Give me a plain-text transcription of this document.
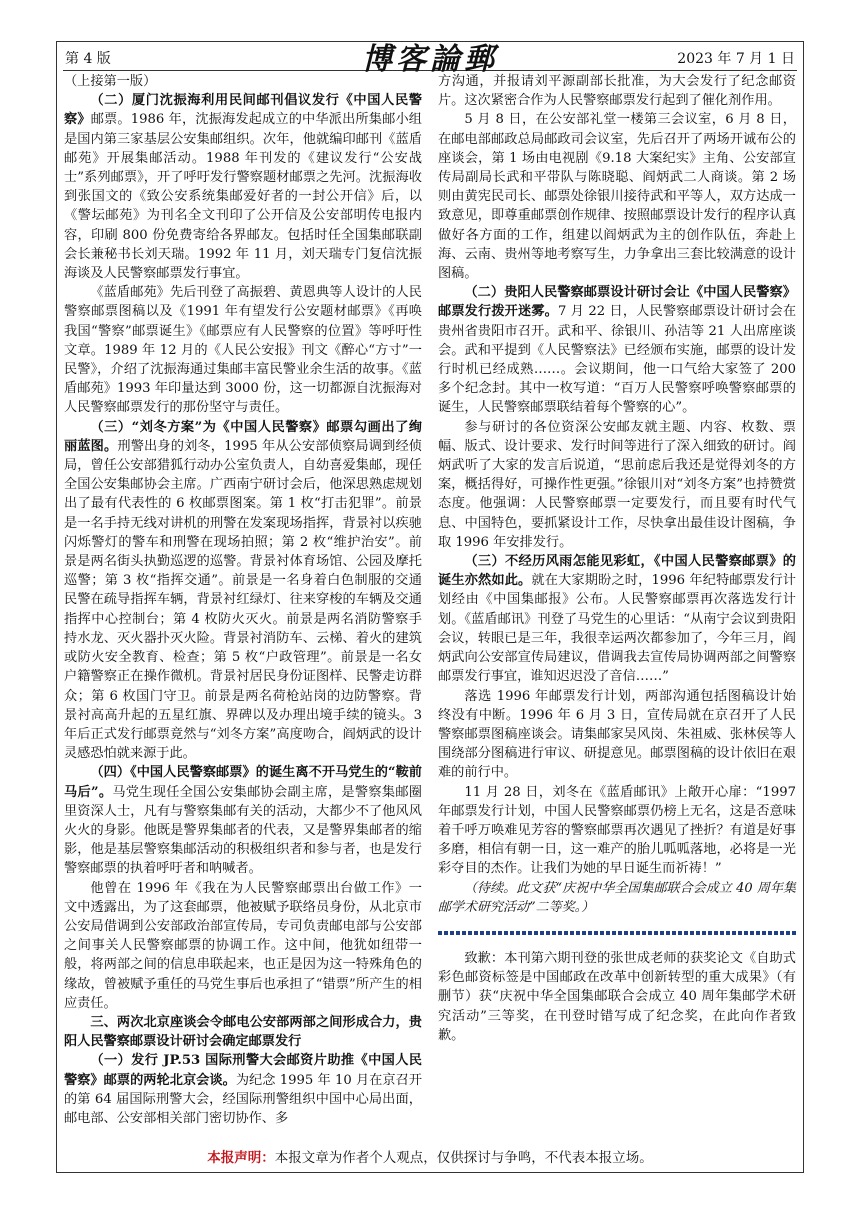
第 4 版	博客論郵	2023 年 7 月 1 日

（上接第一版）

（二）厦门沈振海利用民间邮刊倡议发行《中国人民警察》邮票。1986 年，沈振海发起成立的中华派出所集邮小组是国内第三家基层公安集邮组织。次年，他就编印邮刊《蓝盾邮苑》开展集邮活动。1988 年刊发的《建议发行“公安战士”系列邮票》，开了呼吁发行警察题材邮票之先河。沈振海收到张国文的《致公安系统集邮爱好者的一封公开信》后，以《警坛邮苑》为刊名全文刊印了公开信及公安部明传电报内容，印刷 800 份免费寄给各界邮友。包括时任全国集邮联副会长兼秘书长刘天瑞。1992 年 11 月，刘天瑞专门复信沈振海谈及人民警察邮票发行事宜。

《蓝盾邮苑》先后刊登了高振碧、黄恩典等人设计的人民警察邮票图稿以及《1991 年有望发行公安题材邮票》《再唤我国“警察”邮票诞生》《邮票应有人民警察的位置》等呼吁性文章。1989 年 12 月的《人民公安报》刊文《醉心“方寸”一民警》，介绍了沈振海通过集邮丰富民警业余生活的故事。《蓝盾邮苑》1993 年印量达到 3000 份，这一切都源自沈振海对人民警察邮票发行的那份坚守与责任。

（三）“刘冬方案”为《中国人民警察》邮票勾画出了绚丽蓝图。刑警出身的刘冬，1995 年从公安部侦察局调到经侦局，曾任公安部猎狐行动办公室负责人，自幼喜爱集邮，现任全国公安集邮协会主席。广西南宁研讨会后，他深思熟虑规划出了最有代表性的 6 枚邮票图案。第 1 枚“打击犯罪”。前景是一名手持无线对讲机的刑警在发案现场指挥，背景衬以疾驰闪烁警灯的警车和刑警在现场拍照；第 2 枚“维护治安”。前景是两名街头执勤巡逻的巡警。背景衬体育场馆、公园及摩托巡警；第 3 枚“指挥交通”。前景是一名身着白色制服的交通民警在疏导指挥车辆，背景衬红绿灯、往来穿梭的车辆及交通指挥中心控制台；第 4 枚防火灭火。前景是两名消防警察手持水龙、灭火器扑灭火险。背景衬消防车、云梯、着火的建筑或防火安全教育、检查；第 5 枚“户政管理”。前景是一名女户籍警察正在操作微机。背景衬居民身份证图样、民警走访群众；第 6 枚国门守卫。前景是两名荷枪站岗的边防警察。背景衬高高升起的五星红旗、界碑以及办理出境手续的镜头。3 年后正式发行邮票竟然与“刘冬方案”高度吻合，阎炳武的设计灵感恐怕就来源于此。

（四）《中国人民警察邮票》的诞生离不开马党生的“鞍前马后”。马党生现任全国公安集邮协会副主席，是警察集邮圈里资深人士，凡有与警察集邮有关的活动，大都少不了他风风火火的身影。他既是警界集邮者的代表，又是警界集邮者的缩影，他是基层警察集邮活动的积极组织者和参与者，也是发行警察邮票的执着呼吁者和呐喊者。

他曾在 1996 年《我在为人民警察邮票出台做工作》一文中透露出，为了这套邮票，他被赋予联络员身份，从北京市公安局借调到公安部政治部宣传局，专司负责邮电部与公安部之间事关人民警察邮票的协调工作。这中间，他犹如纽带一般，将两部之间的信息串联起来，也正是因为这一特殊角色的缘故，曾被赋予重任的马党生事后也承担了“错票”所产生的相应责任。

三、两次北京座谈会令邮电公安部两部之间形成合力，贵阳人民警察邮票设计研讨会确定邮票发行

（一）发行 JP.53 国际刑警大会邮资片助推《中国人民警察》邮票的两轮北京会谈。为纪念 1995 年 10 月在京召开的第 64 届国际刑警大会，经国际刑警组织中国中心局出面，邮电部、公安部相关部门密切协作、多

方沟通，并报请刘平源副部长批准，为大会发行了纪念邮资片。这次紧密合作为人民警察邮票发行起到了催化剂作用。

5 月 8 日，在公安部礼堂一楼第三会议室，6 月 8 日，在邮电部邮政总局邮政司会议室，先后召开了两场开诚布公的座谈会，第 1 场由电视剧《9.18 大案纪实》主角、公安部宣传局副局长武和平带队与陈晓聪、阎炳武二人商谈。第 2 场则由黄宪民司长、邮票处徐银川接待武和平等人，双方达成一致意见，即尊重邮票创作规律、按照邮票设计发行的程序认真做好各方面的工作，组建以阎炳武为主的创作队伍，奔赴上海、云南、贵州等地考察写生，力争拿出三套比较满意的设计图稿。

（二）贵阳人民警察邮票设计研讨会让《中国人民警察》邮票发行拨开迷雾。7 月 22 日，人民警察邮票设计研讨会在贵州省贵阳市召开。武和平、徐银川、孙洁等 21 人出席座谈会。武和平提到《人民警察法》已经颁布实施，邮票的设计发行时机已经成熟……。会议期间，他一口气给大家签了 200 多个纪念封。其中一枚写道：“百万人民警察呼唤警察邮票的诞生，人民警察邮票联结着每个警察的心”。

参与研讨的各位资深公安邮友就主题、内容、枚数、票幅、版式、设计要求、发行时间等进行了深入细致的研讨。阎炳武听了大家的发言后说道，“思前虑后我还是觉得刘冬的方案，概括得好，可操作性更强。”徐银川对“刘冬方案”也持赞赏态度。他强调：人民警察邮票一定要发行，而且要有时代气息、中国特色，要抓紧设计工作，尽快拿出最佳设计图稿，争取 1996 年安排发行。

（三）不经历风雨怎能见彩虹，《中国人民警察邮票》的诞生亦然如此。就在大家期盼之时，1996 年纪特邮票发行计划经由《中国集邮报》公布。人民警察邮票再次落选发行计划。《蓝盾邮讯》刊登了马党生的心里话：“从南宁会议到贵阳会议，转眼已是三年，我很幸运两次都参加了，今年三月，阎炳武向公安部宣传局建议，借调我去宣传局协调两部之间警察邮票发行事宜，谁知迟迟没了音信……”

落选 1996 年邮票发行计划，两部沟通包括图稿设计始终没有中断。1996 年 6 月 3 日，宣传局就在京召开了人民警察邮票图稿座谈会。请集邮家吴风岗、朱祖威、张林侯等人围绕部分图稿进行审议、研提意见。邮票图稿的设计依旧在艰难的前行中。

11 月 28 日，刘冬在《蓝盾邮讯》上敞开心扉：“1997 年邮票发行计划，中国人民警察邮票仍榜上无名，这是否意味着千呼万唤难见芳容的警察邮票再次遇见了挫折？有道是好事多磨，相信有朝一日，这一难产的胎儿呱呱落地，必将是一光彩夺目的杰作。让我们为她的早日诞生而祈祷！”

（待续。此文获“庆祝中华全国集邮联合会成立 40 周年集邮学术研究活动”二等奖。）

致歉：本刊第六期刊登的张世成老师的获奖论文《自助式彩色邮资标签是中国邮政在改革中创新转型的重大成果》（有删节）获“庆祝中华全国集邮联合会成立 40 周年集邮学术研究活动”三等奖，在刊登时错写成了纪念奖，在此向作者致歉。

本报声明：本报文章为作者个人观点，仅供探讨与争鸣，不代表本报立场。
